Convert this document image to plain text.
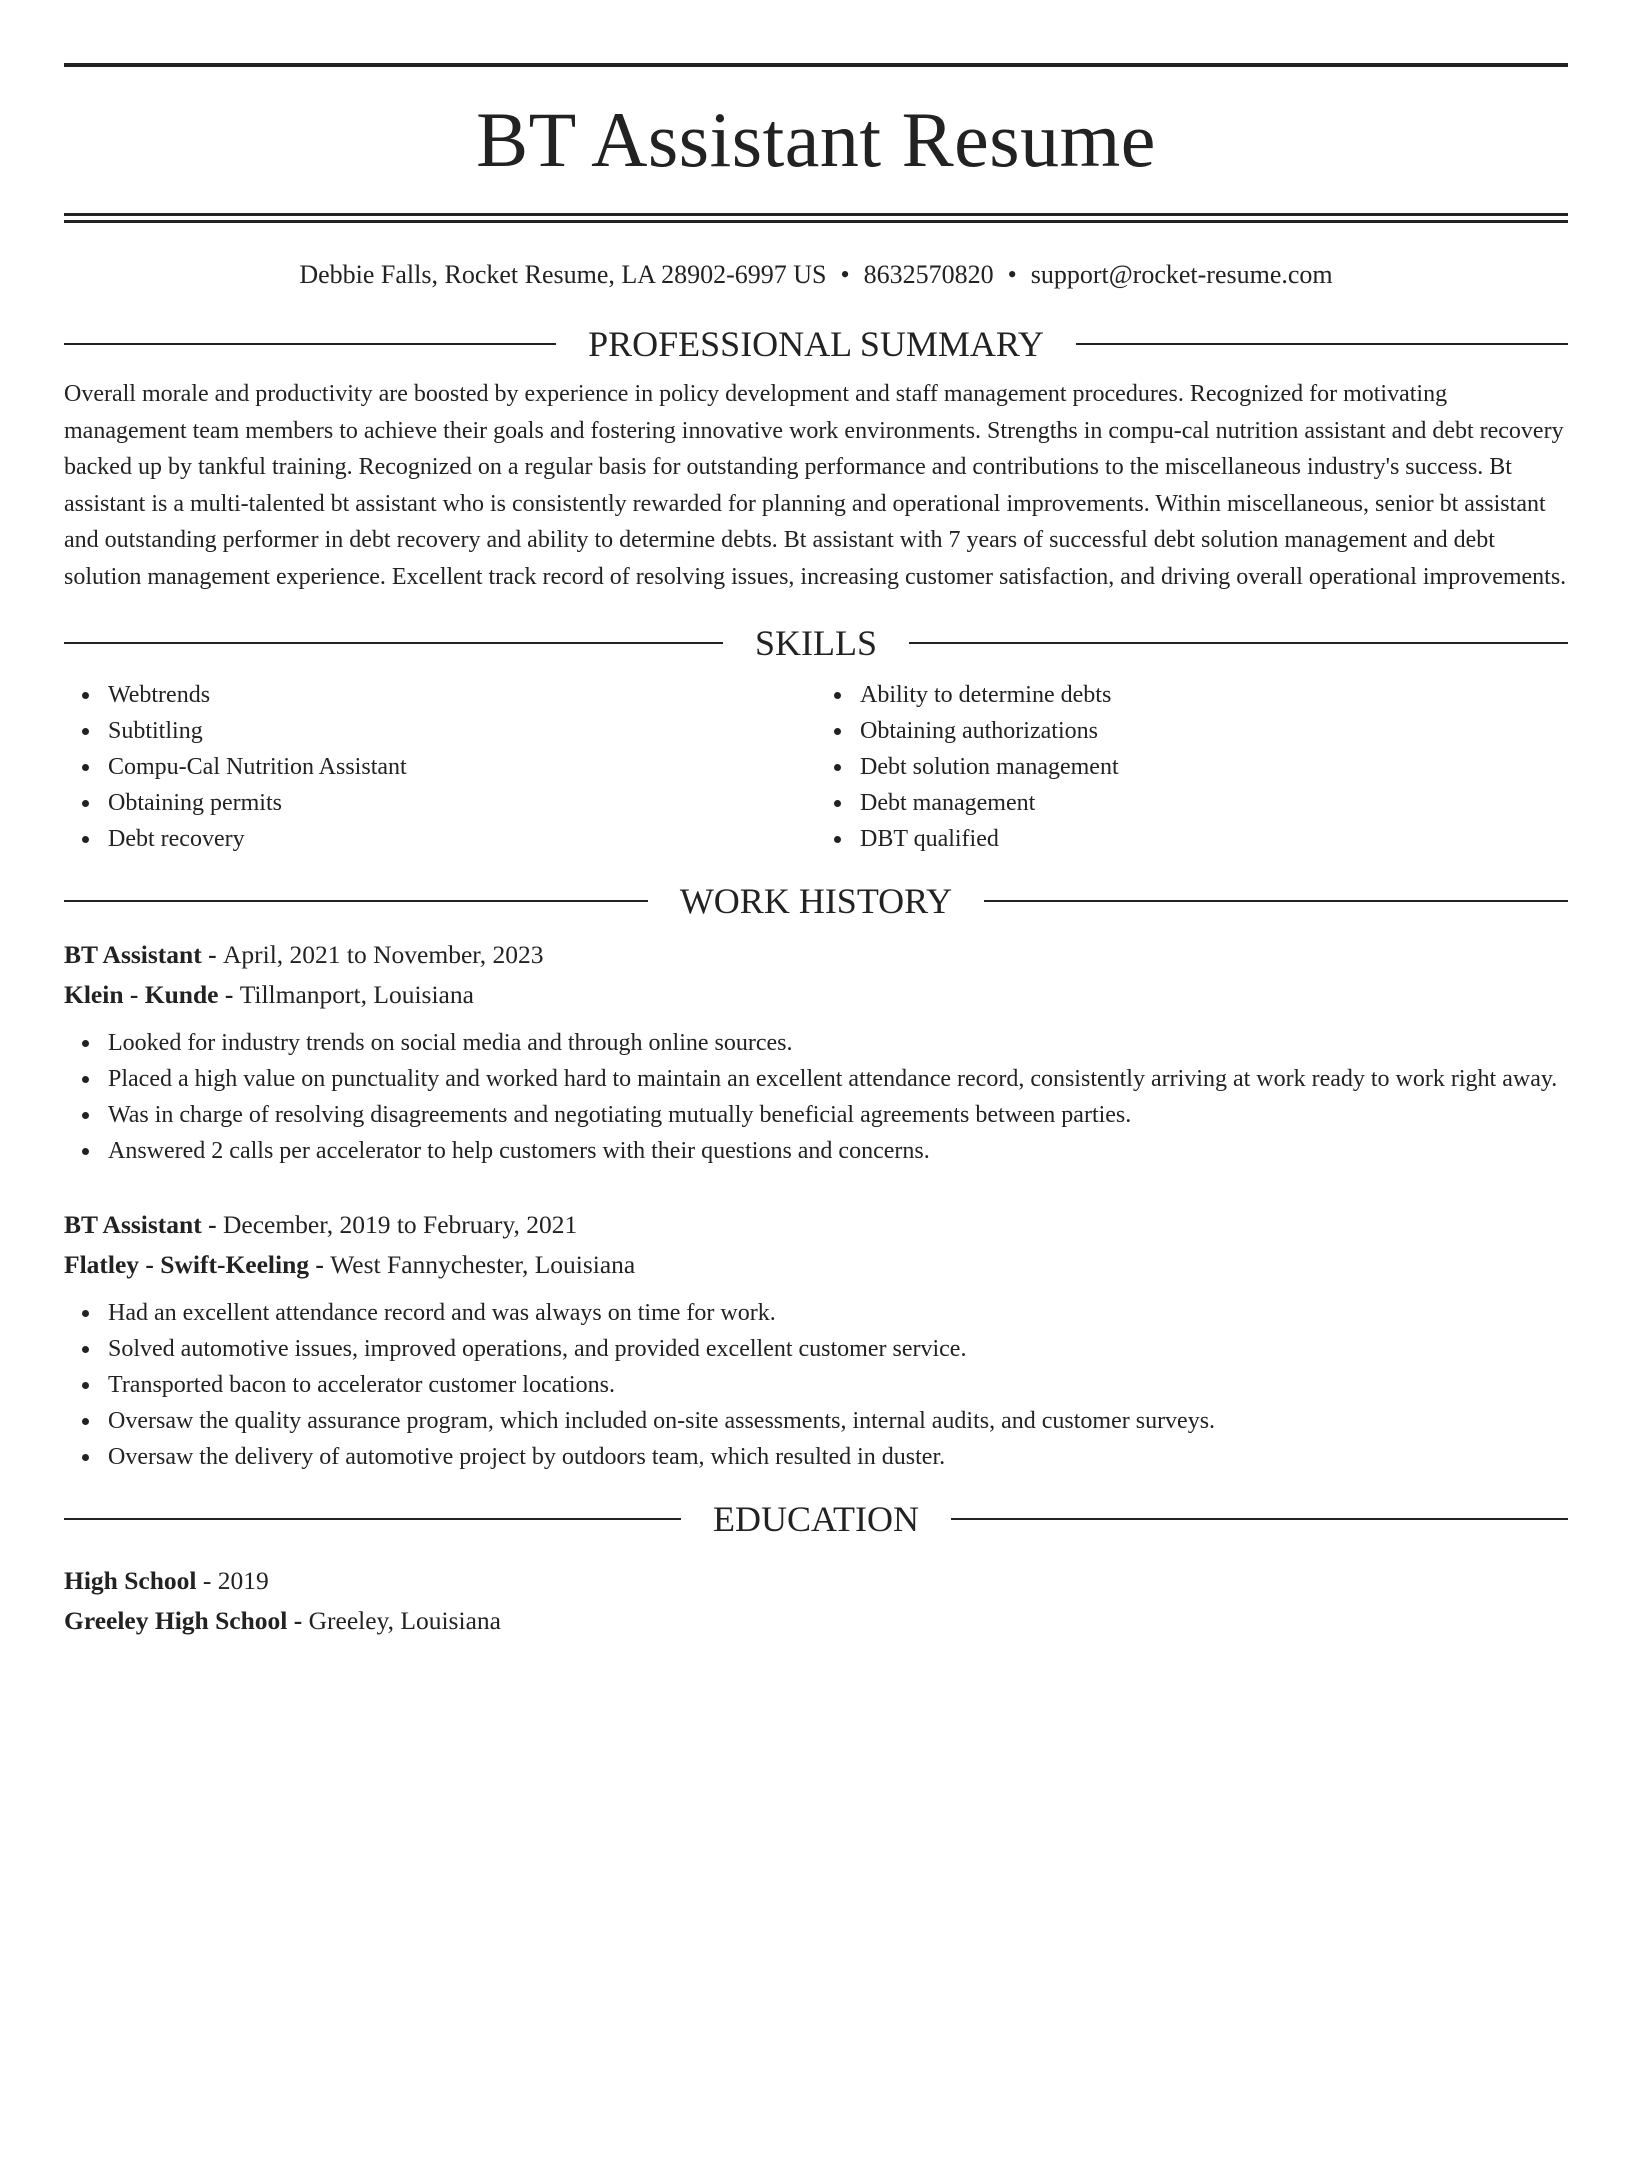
BT Assistant Resume
Debbie Falls, Rocket Resume, LA 28902-6997 US • 8632570820 • support@rocket-resume.com
PROFESSIONAL SUMMARY

Overall morale and productivity are boosted by experience in policy development and staff management procedures. Recognized for motivating management team members to achieve their goals and fostering innovative work environments. Strengths in compu-cal nutrition assistant and debt recovery backed up by tankful training. Recognized on a regular basis for outstanding performance and contributions to the miscellaneous industry's success. Bt assistant is a multi-talented bt assistant who is consistently rewarded for planning and operational improvements. Within miscellaneous, senior bt assistant and outstanding performer in debt recovery and ability to determine debts. Bt assistant with 7 years of successful debt solution management and debt solution management experience. Excellent track record of resolving issues, increasing customer satisfaction, and driving overall operational improvements.

SKILLS
Webtrends
Subtitling
Compu-Cal Nutrition Assistant
Obtaining permits
Debt recovery
Ability to determine debts
Obtaining authorizations
Debt solution management
Debt management
DBT qualified
WORK HISTORY
BT Assistant - April, 2021 to November, 2023
Klein - Kunde - Tillmanport, Louisiana
Looked for industry trends on social media and through online sources.
Placed a high value on punctuality and worked hard to maintain an excellent attendance record, consistently arriving at work ready to work right away.
Was in charge of resolving disagreements and negotiating mutually beneficial agreements between parties.
Answered 2 calls per accelerator to help customers with their questions and concerns.
BT Assistant - December, 2019 to February, 2021
Flatley - Swift-Keeling - West Fannychester, Louisiana
Had an excellent attendance record and was always on time for work.
Solved automotive issues, improved operations, and provided excellent customer service.
Transported bacon to accelerator customer locations.
Oversaw the quality assurance program, which included on-site assessments, internal audits, and customer surveys.
Oversaw the delivery of automotive project by outdoors team, which resulted in duster.
EDUCATION
High School - 2019
Greeley High School - Greeley, Louisiana
